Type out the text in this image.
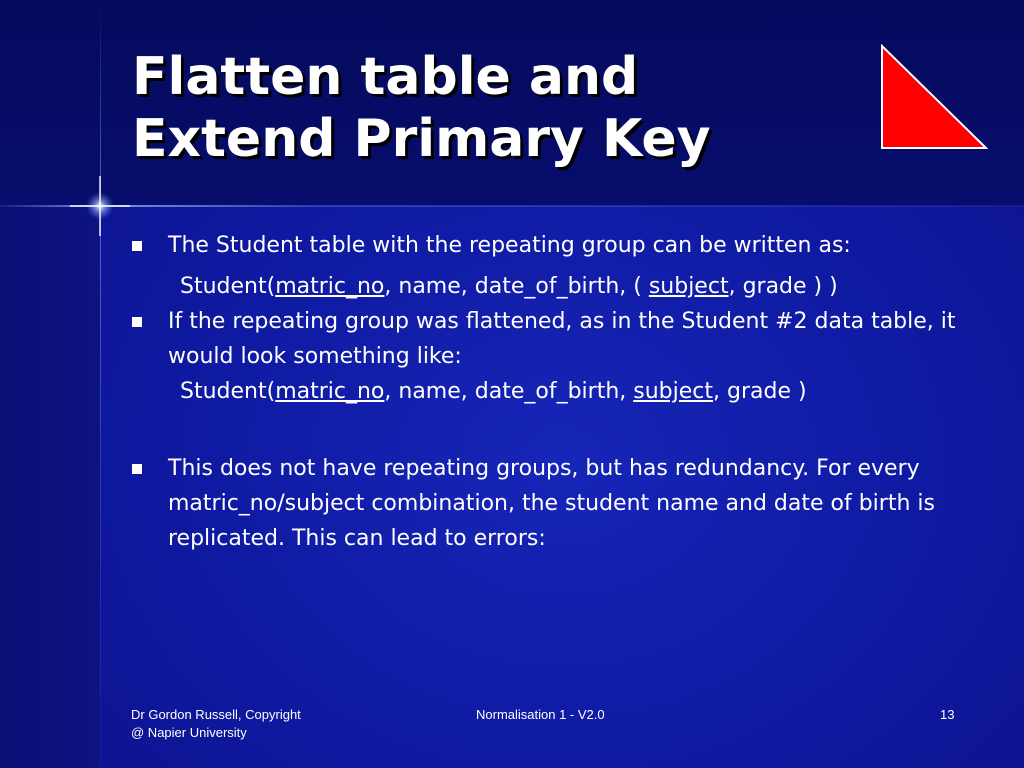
Flatten table and
Extend Primary Key

The Student table with the repeating group can be written as:

Student(matric_no, name, date_of_birth, ( subject, grade ) )

If the repeating group was flattened, as in the Student #2 data table, it would look something like:

Student(matric_no, name, date_of_birth, subject, grade )

This does not have repeating groups, but has redundancy. For every matric_no/subject combination, the student name and date of birth is replicated. This can lead to errors:

Dr Gordon Russell, Copyright
@ Napier University
Normalisation 1 - V2.0	13
